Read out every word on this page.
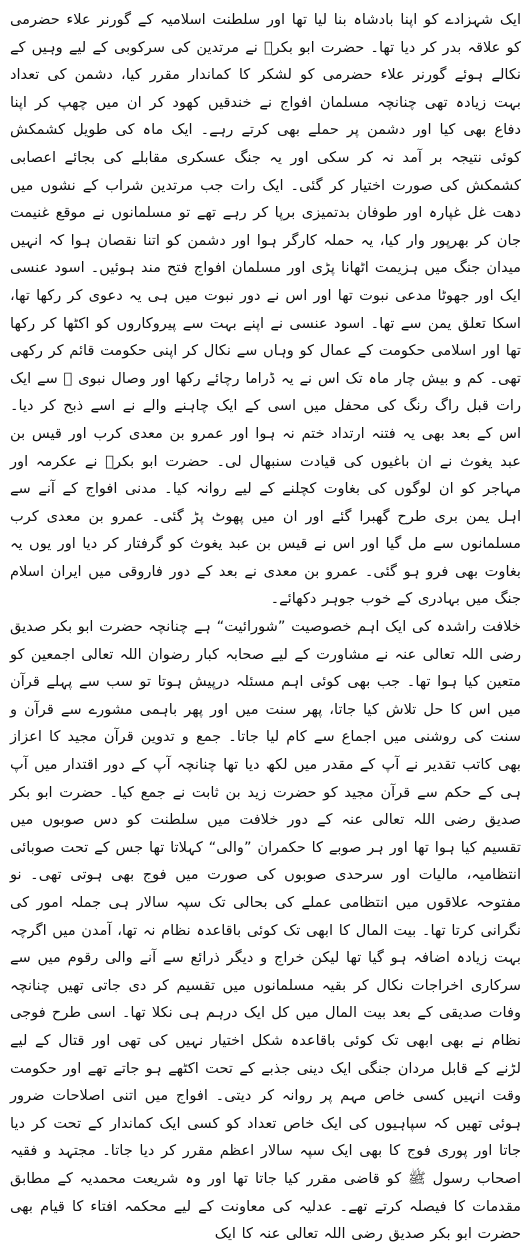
ایک شہزادے کو اپنا بادشاہ بنا لیا تھا اور سلطنت اسلامیہ کے گورنر علاء حضرمی کو علاقہ بدر کر دیا تھا۔ حضرت ابو بکرؓ نے مرتدین کی سرکوبی کے لیے وہیں کے نکالے ہوئے گورنر علاء حضرمی کو لشکر کا کماندار مقرر کیا، دشمن کی تعداد بہت زیادہ تھی چنانچہ مسلمان افواج نے خندقیں کھود کر ان میں چھپ کر اپنا دفاع بھی کیا اور دشمن پر حملے بھی کرتے رہے۔ ایک ماہ کی طویل کشمکش کوئی نتیجہ بر آمد نہ کر سکی اور یہ جنگ عسکری مقابلے کی بجائے اعصابی کشمکش کی صورت اختیار کر گئی۔ ایک رات جب مرتدین شراب کے نشوں میں دھت غل غپارہ اور طوفان بدتمیزی برپا کر رہے تھے تو مسلمانوں نے موقع غنیمت جان کر بھرپور وار کیا، یہ حملہ کارگر ہوا اور دشمن کو اتنا نقصان ہوا کہ انہیں میدان جنگ میں ہزیمت اٹھانا پڑی اور مسلمان افواج فتح مند ہوئیں۔ اسود عنسی ایک اور جھوٹا مدعی نبوت تھا اور اس نے دور نبوت میں ہی یہ دعوی کر رکھا تھا، اسکا تعلق یمن سے تھا۔ اسود عنسی نے اپنے بہت سے پیروکاروں کو اکٹھا کر رکھا تھا اور اسلامی حکومت کے عمال کو وہاں سے نکال کر اپنی حکومت قائم کر رکھی تھی۔ کم و بیش چار ماہ تک اس نے یہ ڈراما رچائے رکھا اور وصال نبوی ﷺ سے ایک رات قبل راگ رنگ کی محفل میں اسی کے ایک چاہنے والے نے اسے ذبح کر دیا۔ اس کے بعد بھی یہ فتنہ ارتداد ختم نہ ہوا اور عمرو بن معدی کرب اور قیس بن عبد یغوث نے ان باغیوں کی قیادت سنبھال لی۔ حضرت ابو بکرؓ نے عکرمہ اور مہاجر کو ان لوگوں کی بغاوت کچلنے کے لیے روانہ کیا۔ مدنی افواج کے آنے سے اہل یمن بری طرح گھبرا گئے اور ان میں پھوٹ پڑ گئی۔ عمرو بن معدی کرب مسلمانوں سے مل گیا اور اس نے قیس بن عبد یغوث کو گرفتار کر دیا اور یوں یہ بغاوت بھی فرو ہو گئی۔ عمرو بن معدی نے بعد کے دور فاروقی میں ایران اسلام جنگ میں بہادری کے خوب جوہر دکھائے۔

خلافت راشدہ کی ایک اہم خصوصیت ”شورائیت“ ہے چنانچہ حضرت ابو بکر صدیق رضی اللہ تعالی عنہ نے مشاورت کے لیے صحابہ کبار رضوان اللہ تعالی اجمعین کو متعین کیا ہوا تھا۔ جب بھی کوئی اہم مسئلہ درپیش ہوتا تو سب سے پہلے قرآن میں اس کا حل تلاش کیا جاتا، پھر سنت میں اور پھر باہمی مشورے سے قرآن و سنت کی روشنی میں اجماع سے کام لیا جاتا۔ جمع و تدوین قرآن مجید کا اعزاز بھی کاتب تقدیر نے آپ کے مقدر میں لکھ دیا تھا چنانچہ آپ کے دور اقتدار میں آپ ہی کے حکم سے قرآن مجید کو حضرت زید بن ثابت نے جمع کیا۔ حضرت ابو بکر صدیق رضی اللہ تعالی عنہ کے دور خلافت میں سلطنت کو دس صوبوں میں تقسیم کیا ہوا تھا اور ہر صوبے کا حکمران ”والی“ کہلاتا تھا جس کے تحت صوبائی انتظامیہ، مالیات اور سرحدی صوبوں کی صورت میں فوج بھی ہوتی تھی۔ نو مفتوحہ علاقوں میں انتظامی عملے کی بحالی تک سپہ سالار ہی جملہ امور کی نگرانی کرتا تھا۔ بیت المال کا ابھی تک کوئی باقاعدہ نظام نہ تھا، آمدن میں اگرچہ بہت زیادہ اضافہ ہو گیا تھا لیکن خراج و دیگر ذرائع سے آنے والی رقوم میں سے سرکاری اخراجات نکال کر بقیہ مسلمانوں میں تقسیم کر دی جاتی تھیں چنانچہ وفات صدیقی کے بعد بیت المال میں کل ایک درہم ہی نکلا تھا۔ اسی طرح فوجی نظام نے بھی ابھی تک کوئی باقاعدہ شکل اختیار نہیں کی تھی اور قتال کے لیے لڑنے کے قابل مردان جنگی ایک دینی جذبے کے تحت اکٹھے ہو جاتے تھے اور حکومت وقت انہیں کسی خاص مہم پر روانہ کر دیتی۔ افواج میں اتنی اصلاحات ضرور ہوئی تھیں کہ سپاہیوں کی ایک خاص تعداد کو کسی ایک کماندار کے تحت کر دیا جاتا اور پوری فوج کا بھی ایک سپہ سالار اعظم مقرر کر دیا جاتا۔ مجتہد و فقیہ اصحاب رسول ﷺ کو قاضی مقرر کیا جاتا تھا اور وہ شریعت محمدیہ کے مطابق مقدمات کا فیصلہ کرتے تھے۔ عدلیہ کی معاونت کے لیے محکمہ افتاء کا قیام بھی حضرت ابو بکر صدیق رضی اللہ تعالی عنہ کا ایک
